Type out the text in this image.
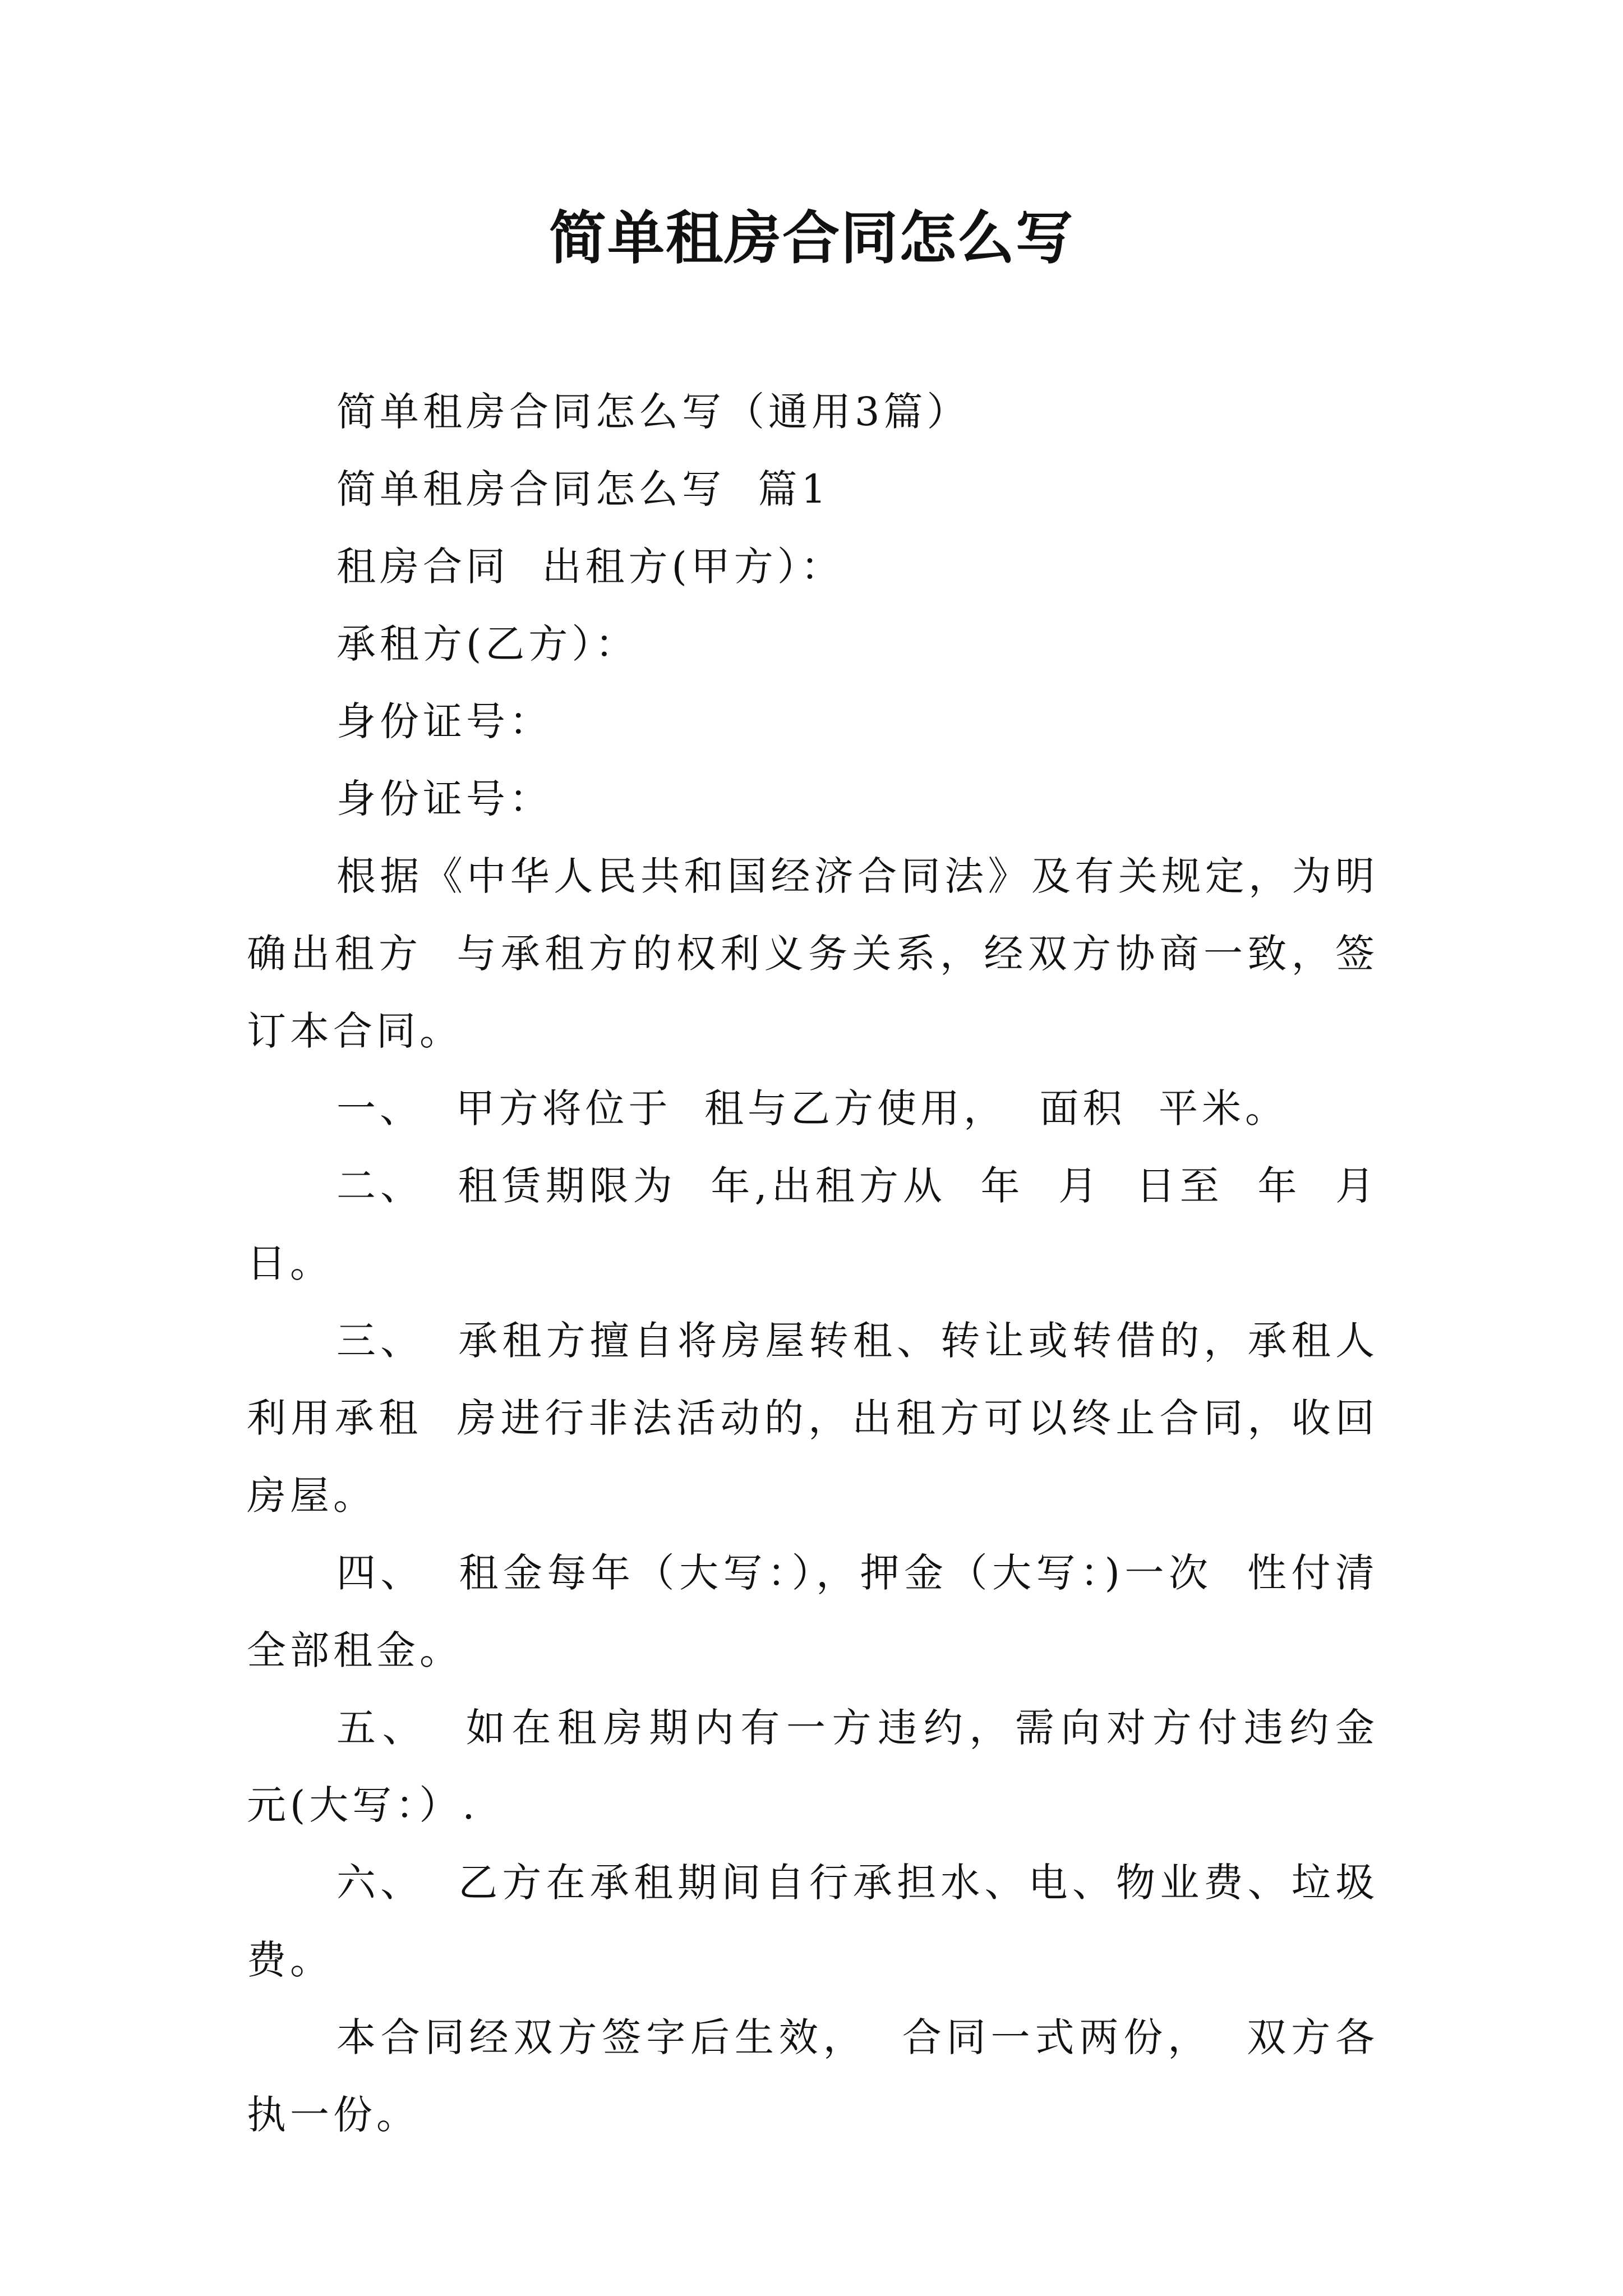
简单租房合同怎么写

简单租房合同怎么写（通用3篇）

简单租房合同怎么写  篇1

租房合同  出租方(甲方）：

承租方(乙方）：

身份证号：

身份证号：

根据《中华人民共和国经济合同法》及有关规定，为明确出租方  与承租方的权利义务关系，经双方协商一致，签订本合同。

一、  甲方将位于  租与乙方使用，  面积  平米。

二、  租赁期限为  年,出租方从  年  月  日至  年  月  日。

三、  承租方擅自将房屋转租、转让或转借的，承租人利用承租  房进行非法活动的，出租方可以终止合同，收回房屋。

四、  租金每年（大写：），押金（大写：)一次  性付清全部租金。

五、  如在租房期内有一方违约，需向对方付违约金  元(大写：）.

六、  乙方在承租期间自行承担水、电、物业费、垃圾费。

本合同经双方签字后生效，  合同一式两份，  双方各执一份。
